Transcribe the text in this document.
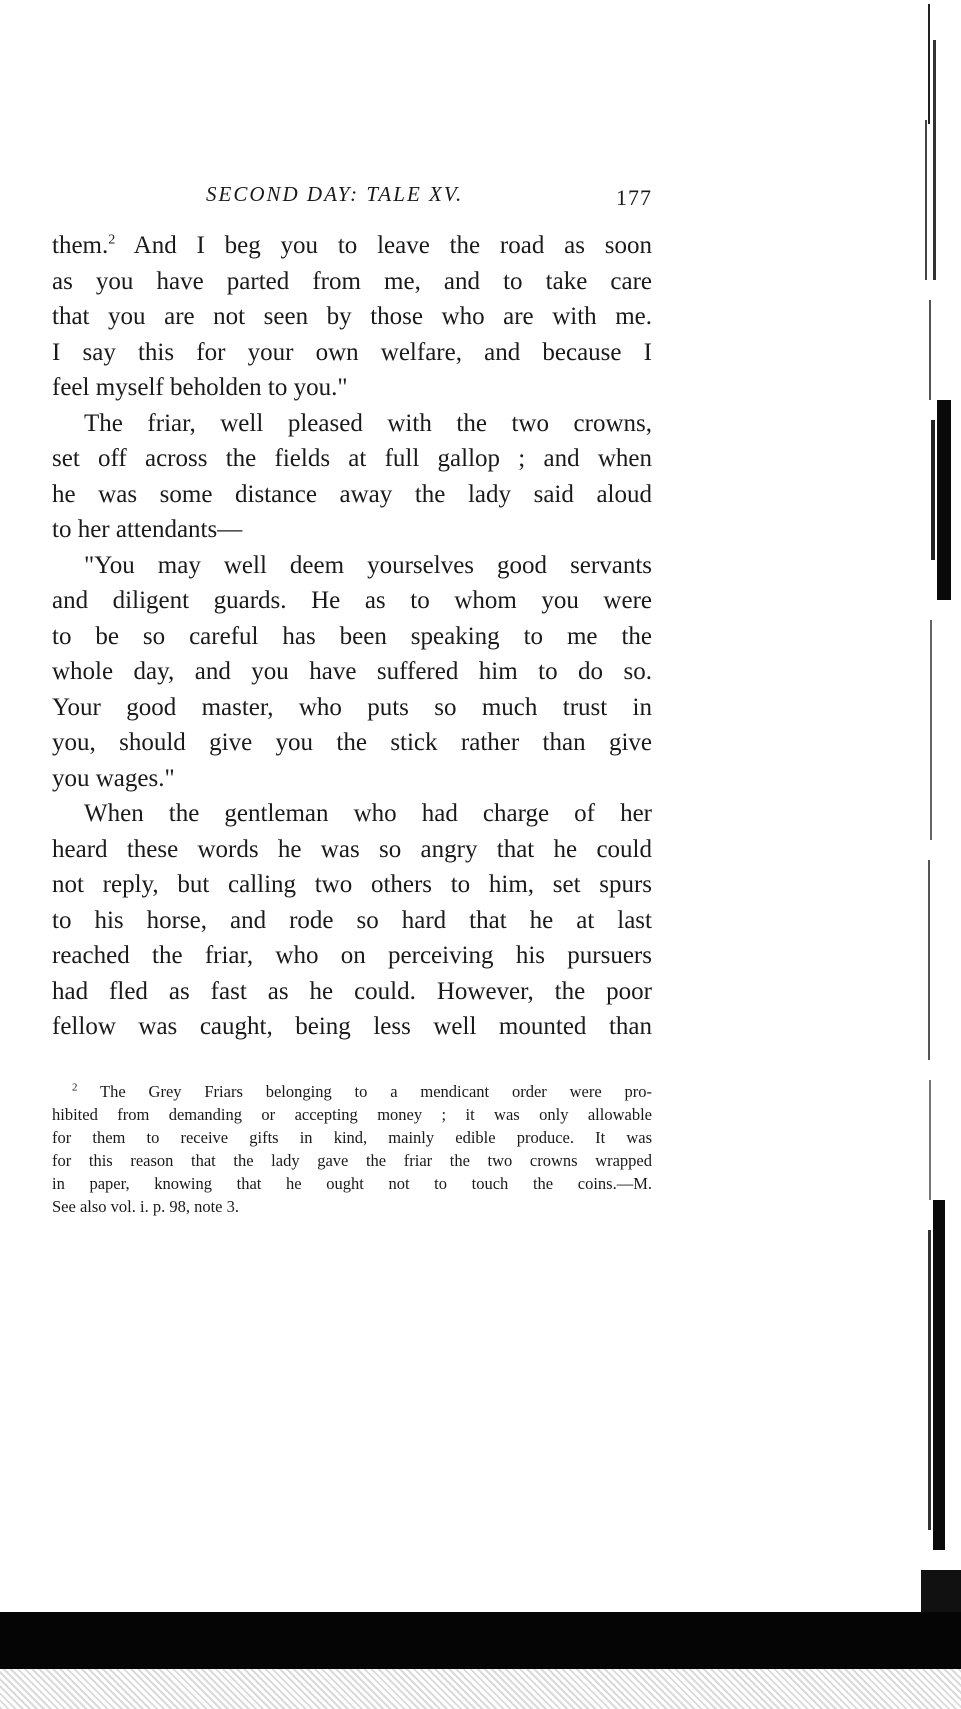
SECOND DAY: TALE XV.	177

them.$^2$ And I beg you to leave the road as soon
as you have parted from me, and to take care
that you are not seen by those who are with me.
I say this for your own welfare, and because I
feel myself beholden to you."

The friar, well pleased with the two crowns,
set off across the fields at full gallop ; and when
he was some distance away the lady said aloud
to her attendants—

"You may well deem yourselves good servants
and diligent guards. He as to whom you were
to be so careful has been speaking to me the
whole day, and you have suffered him to do so.
Your good master, who puts so much trust in
you, should give you the stick rather than give
you wages."

When the gentleman who had charge of her
heard these words he was so angry that he could
not reply, but calling two others to him, set spurs
to his horse, and rode so hard that he at last
reached the friar, who on perceiving his pursuers
had fled as fast as he could. However, the poor
fellow was caught, being less well mounted than

$^2$ The Grey Friars belonging to a mendicant order were pro-
hibited from demanding or accepting money ; it was only allowable
for them to receive gifts in kind, mainly edible produce. It was
for this reason that the lady gave the friar the two crowns wrapped
in paper, knowing that he ought not to touch the coins.—M.
See also vol. i. p. 98, note 3.
